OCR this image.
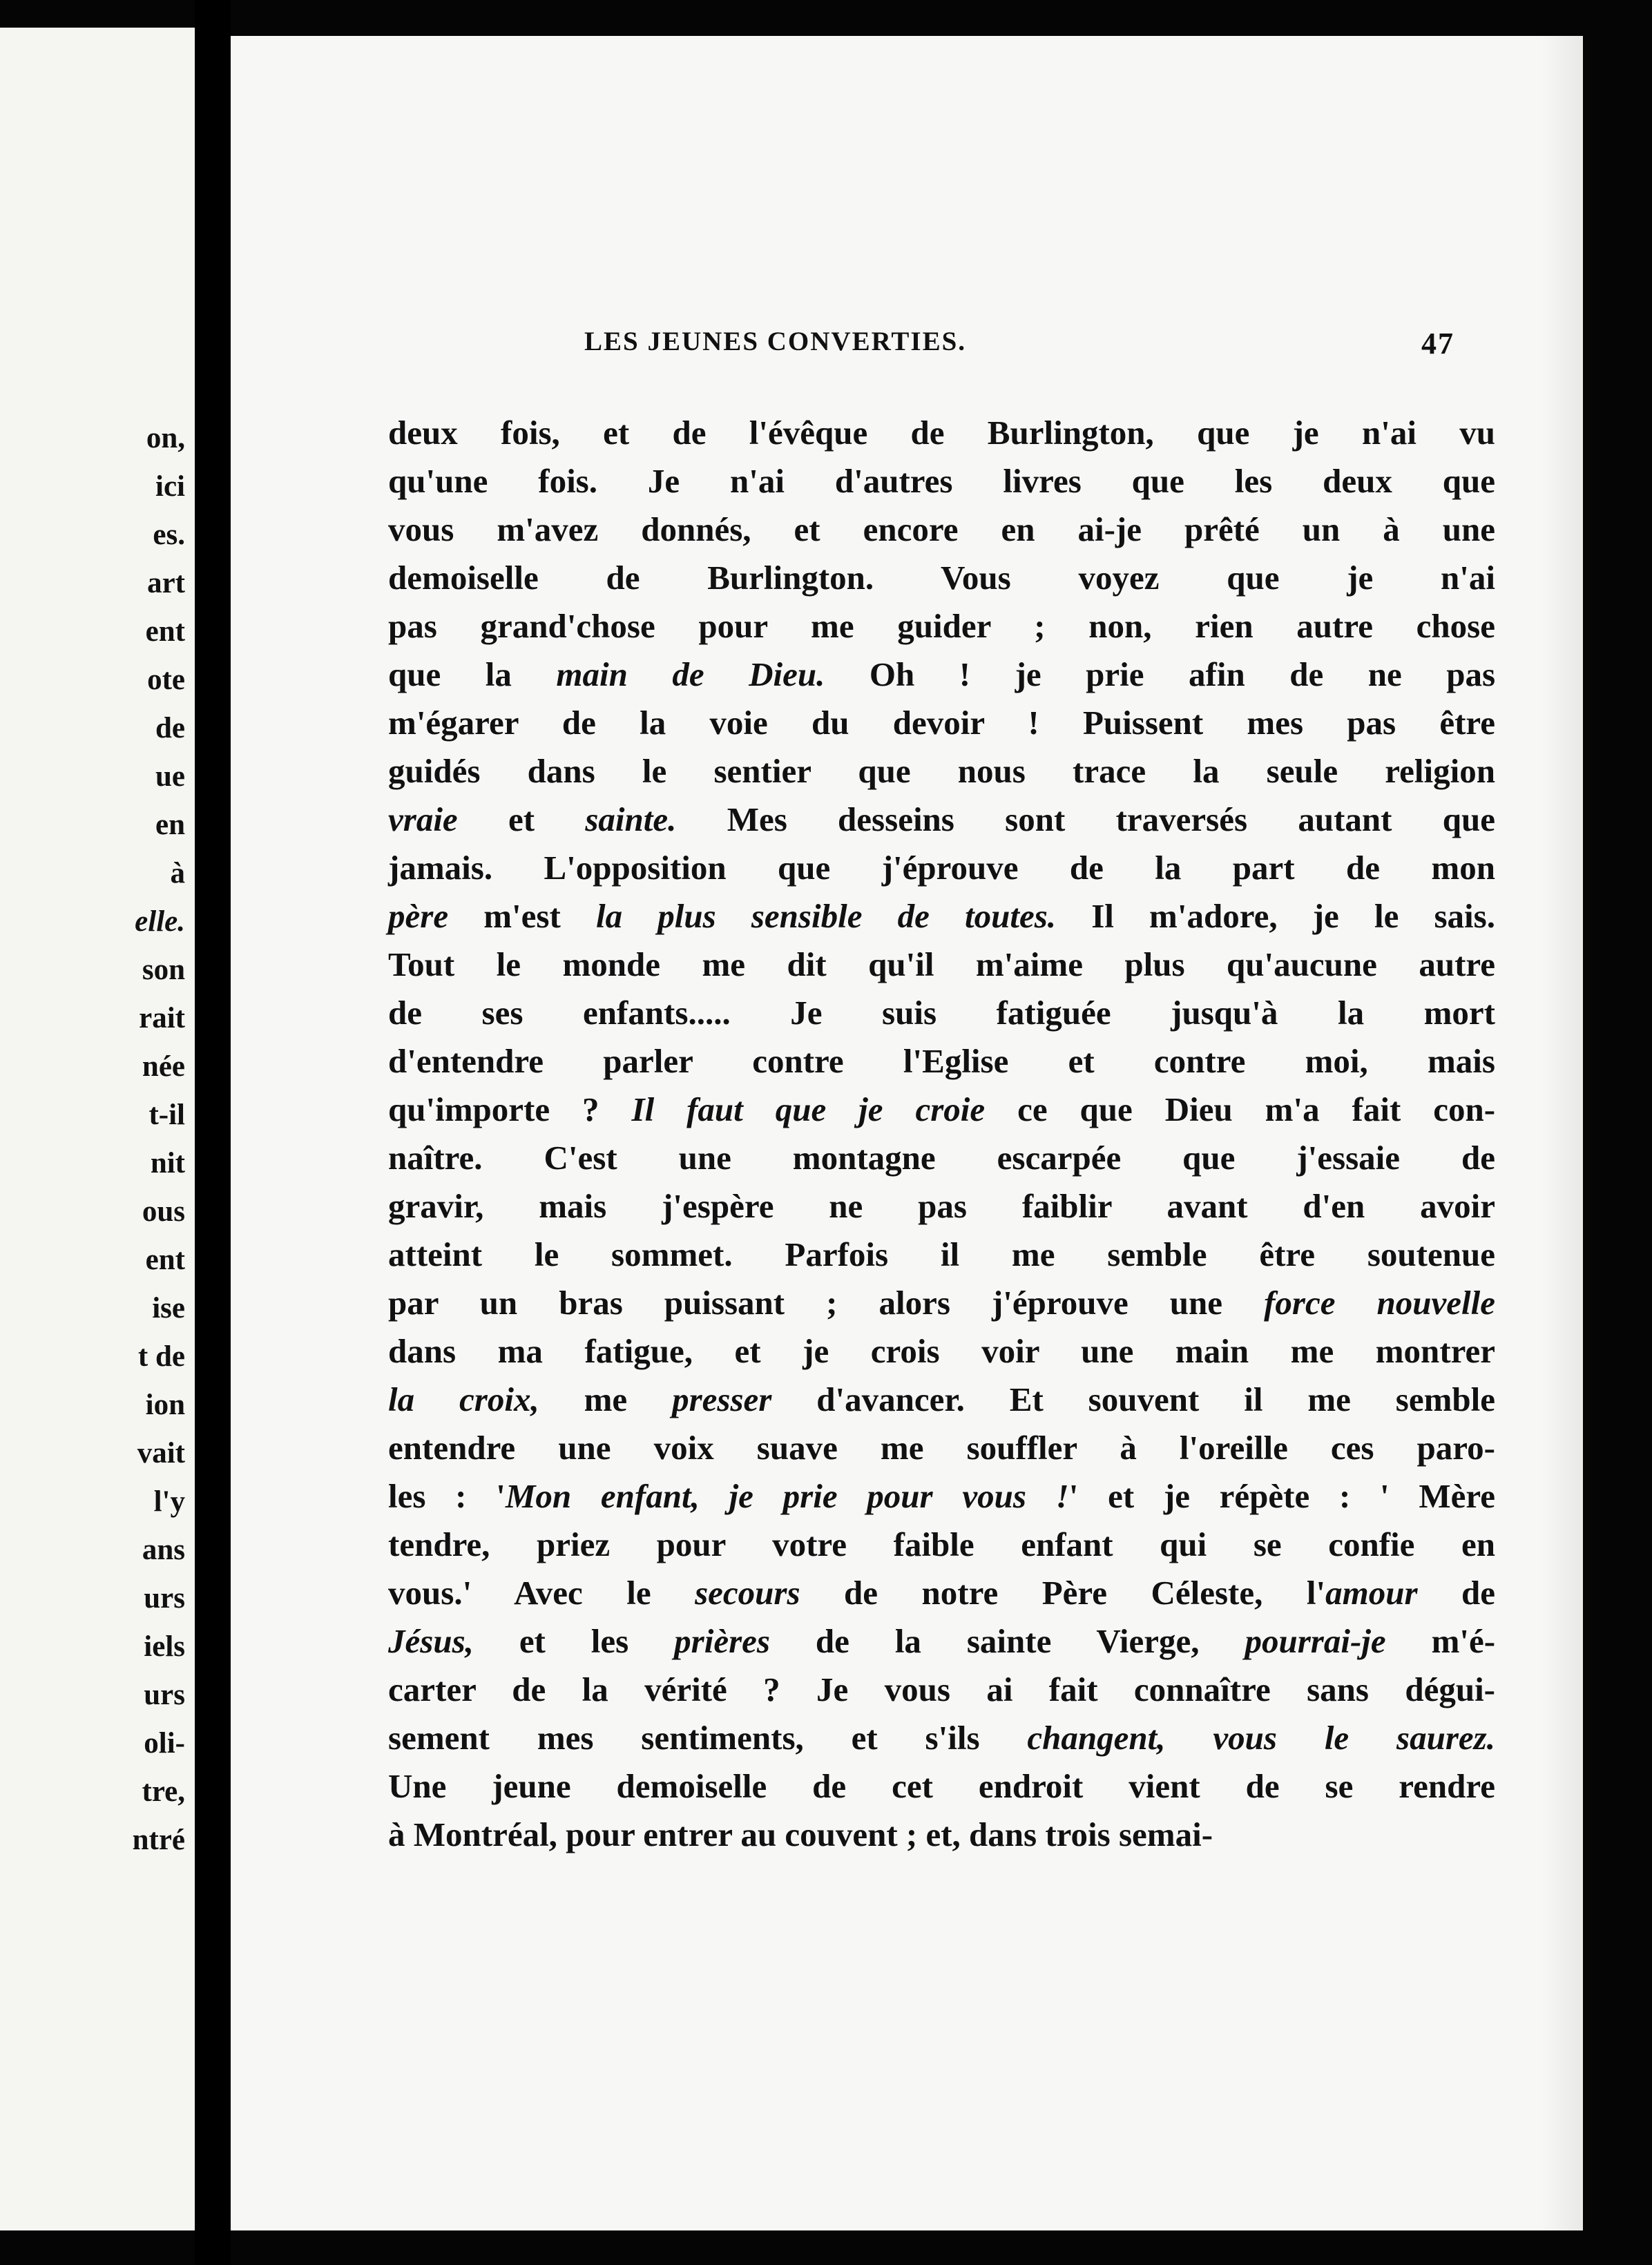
on,
ici
es.
art
ent
ote
de
ue
en
à
elle.
son
rait
née
t-il
nit
ous
ent
ise
t de
ion
vait
l'y
ans
urs
iels
urs
oli-
tre,
ntré
LES JEUNES CONVERTIES.	47
deux fois, et de l'évêque de Burlington, que je n'ai vu
qu'une fois. Je n'ai d'autres livres que les deux que
vous m'avez donnés, et encore en ai-je prêté un à une
demoiselle de Burlington. Vous voyez que je n'ai
pas grand'chose pour me guider ; non, rien autre chose
que la main de Dieu. Oh ! je prie afin de ne pas
m'égarer de la voie du devoir ! Puissent mes pas être
guidés dans le sentier que nous trace la seule religion
vraie et sainte. Mes desseins sont traversés autant que
jamais. L'opposition que j'éprouve de la part de mon
père m'est la plus sensible de toutes. Il m'adore, je le sais.
Tout le monde me dit qu'il m'aime plus qu'aucune autre
de ses enfants..... Je suis fatiguée jusqu'à la mort
d'entendre parler contre l'Eglise et contre moi, mais
qu'importe ? Il faut que je croie ce que Dieu m'a fait con-
naître. C'est une montagne escarpée que j'essaie de
gravir, mais j'espère ne pas faiblir avant d'en avoir
atteint le sommet. Parfois il me semble être soutenue
par un bras puissant ; alors j'éprouve une force nouvelle
dans ma fatigue, et je crois voir une main me montrer
la croix, me presser d'avancer. Et souvent il me semble
entendre une voix suave me souffler à l'oreille ces paro-
les : 'Mon enfant, je prie pour vous !' et je répète : ' Mère
tendre, priez pour votre faible enfant qui se confie en
vous.' Avec le secours de notre Père Céleste, l'amour de
Jésus, et les prières de la sainte Vierge, pourrai-je m'é-
carter de la vérité ? Je vous ai fait connaître sans dégui-
sement mes sentiments, et s'ils changent, vous le saurez.
Une jeune demoiselle de cet endroit vient de se rendre
à Montréal, pour entrer au couvent ; et, dans trois semai-
